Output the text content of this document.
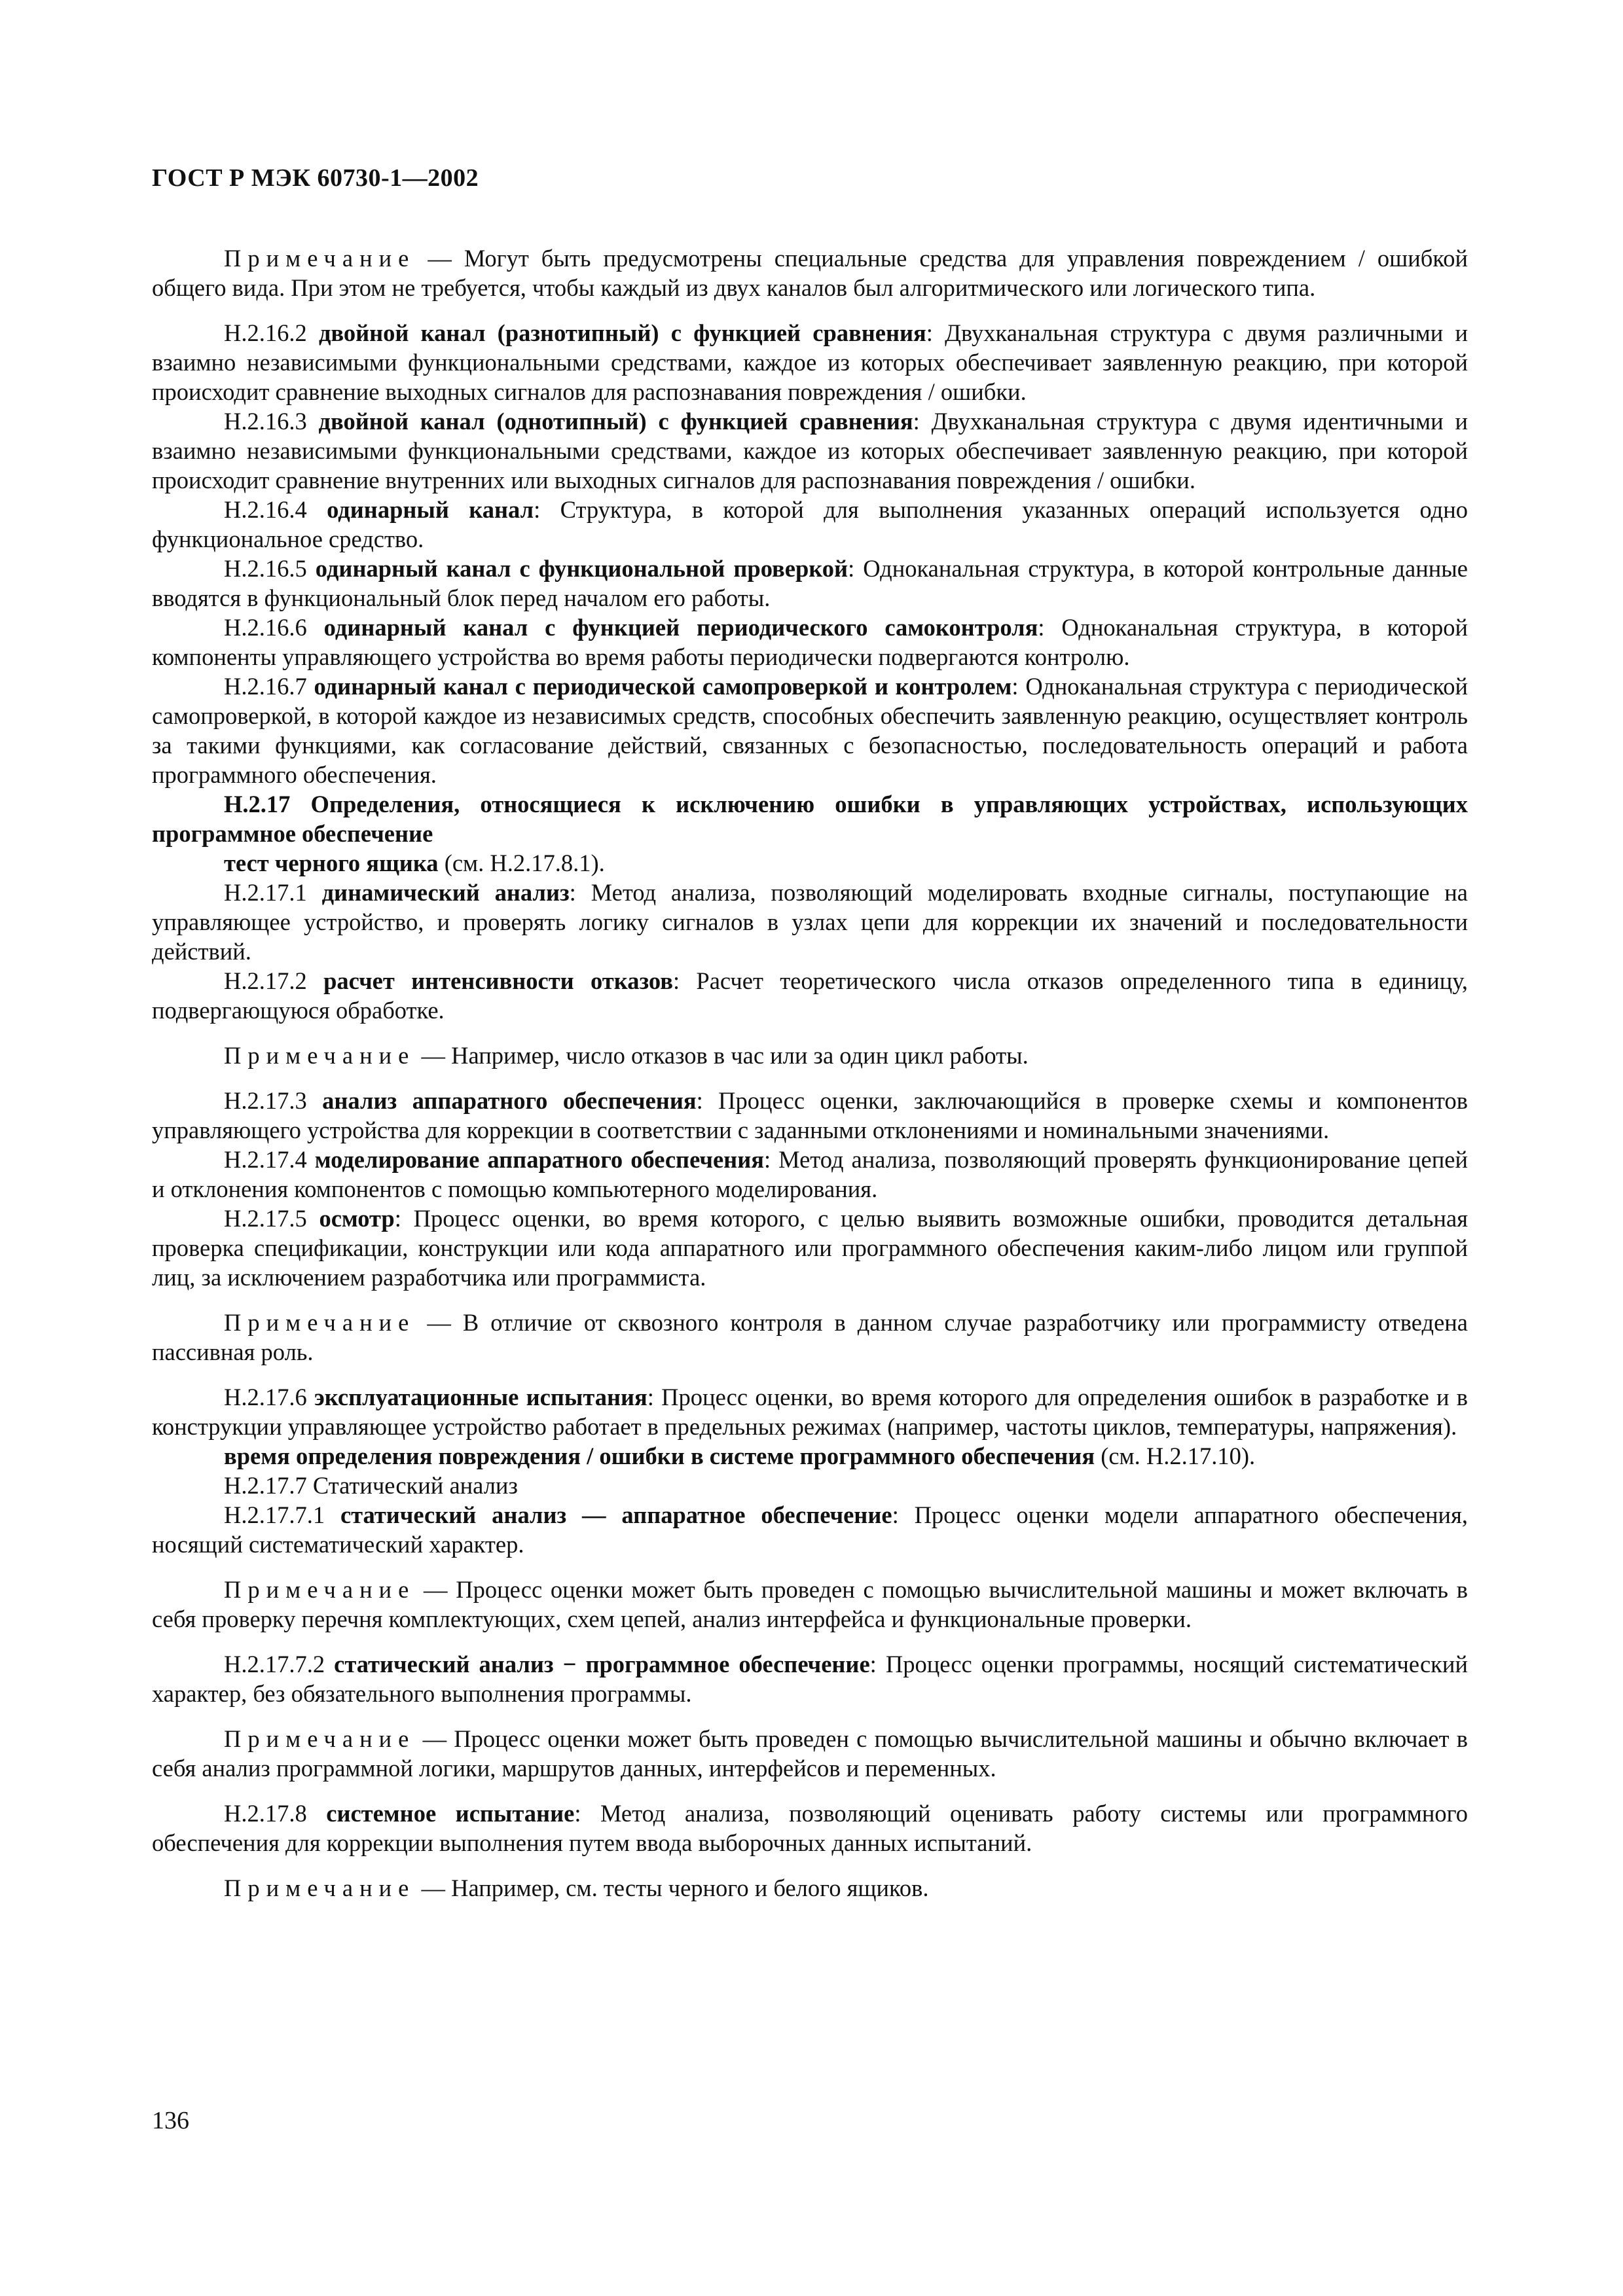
ГОСТ Р МЭК 60730-1—2002

Примечание — Могут быть предусмотрены специальные средства для управления повреждением / ошибкой общего вида. При этом не требуется, чтобы каждый из двух каналов был алгоритмического или логического типа.

Н.2.16.2 двойной канал (разнотипный) с функцией сравнения: Двухканальная структура с двумя различными и взаимно независимыми функциональными средствами, каждое из которых обеспечивает заявленную реакцию, при которой происходит сравнение выходных сигналов для распознавания повреждения / ошибки.

Н.2.16.3 двойной канал (однотипный) с функцией сравнения: Двухканальная структура с двумя идентичными и взаимно независимыми функциональными средствами, каждое из которых обеспечивает заявленную реакцию, при которой происходит сравнение внутренних или выходных сигналов для распознавания повреждения / ошибки.

Н.2.16.4 одинарный канал: Структура, в которой для выполнения указанных операций используется одно функциональное средство.

Н.2.16.5 одинарный канал с функциональной проверкой: Одноканальная структура, в которой контрольные данные вводятся в функциональный блок перед началом его работы.

Н.2.16.6 одинарный канал с функцией периодического самоконтроля: Одноканальная структура, в которой компоненты управляющего устройства во время работы периодически подвергаются контролю.

Н.2.16.7 одинарный канал с периодической самопроверкой и контролем: Одноканальная структура с периодической самопроверкой, в которой каждое из независимых средств, способных обеспечить заявленную реакцию, осуществляет контроль за такими функциями, как согласование действий, связанных с безопасностью, последовательность операций и работа программного обеспечения.

Н.2.17 Определения, относящиеся к исключению ошибки в управляющих устройствах, использующих программное обеспечение

тест черного ящика (см. Н.2.17.8.1).

Н.2.17.1 динамический анализ: Метод анализа, позволяющий моделировать входные сигналы, поступающие на управляющее устройство, и проверять логику сигналов в узлах цепи для коррекции их значений и последовательности действий.

Н.2.17.2 расчет интенсивности отказов: Расчет теоретического числа отказов определенного типа в единицу, подвергающуюся обработке.

Примечание — Например, число отказов в час или за один цикл работы.

Н.2.17.3 анализ аппаратного обеспечения: Процесс оценки, заключающийся в проверке схемы и компонентов управляющего устройства для коррекции в соответствии с заданными отклонениями и номинальными значениями.

Н.2.17.4 моделирование аппаратного обеспечения: Метод анализа, позволяющий проверять функционирование цепей и отклонения компонентов с помощью компьютерного моделирования.

Н.2.17.5 осмотр: Процесс оценки, во время которого, с целью выявить возможные ошибки, проводится детальная проверка спецификации, конструкции или кода аппаратного или программного обеспечения каким-либо лицом или группой лиц, за исключением разработчика или программиста.

Примечание — В отличие от сквозного контроля в данном случае разработчику или программисту отведена пассивная роль.

Н.2.17.6 эксплуатационные испытания: Процесс оценки, во время которого для определения ошибок в разработке и в конструкции управляющее устройство работает в предельных режимах (например, частоты циклов, температуры, напряжения).

время определения повреждения / ошибки в системе программного обеспечения (см. Н.2.17.10).

Н.2.17.7 Статический анализ

Н.2.17.7.1 статический анализ — аппаратное обеспечение: Процесс оценки модели аппаратного обеспечения, носящий систематический характер.

Примечание — Процесс оценки может быть проведен с помощью вычислительной машины и может включать в себя проверку перечня комплектующих, схем цепей, анализ интерфейса и функциональные проверки.

Н.2.17.7.2 статический анализ − программное обеспечение: Процесс оценки программы, носящий систематический характер, без обязательного выполнения программы.

Примечание — Процесс оценки может быть проведен с помощью вычислительной машины и обычно включает в себя анализ программной логики, маршрутов данных, интерфейсов и переменных.

Н.2.17.8 системное испытание: Метод анализа, позволяющий оценивать работу системы или программного обеспечения для коррекции выполнения путем ввода выборочных данных испытаний.

Примечание — Например, см. тесты черного и белого ящиков.

136
